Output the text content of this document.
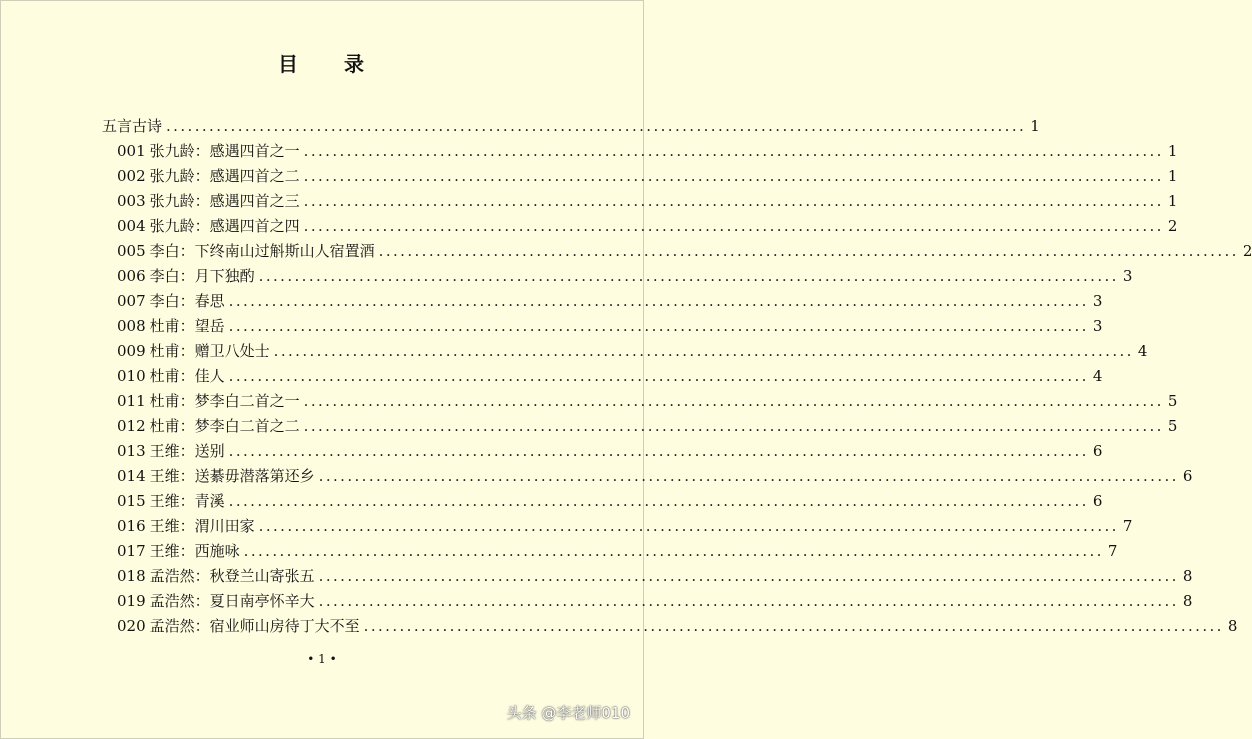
目　　录
五言古诗 ........................................................................................................................ 1
001 张九龄：感遇四首之一 ........................................................................................................................ 1
002 张九龄：感遇四首之二 ........................................................................................................................ 1
003 张九龄：感遇四首之三 ........................................................................................................................ 1
004 张九龄：感遇四首之四 ........................................................................................................................ 2
005 李白：下终南山过斛斯山人宿置酒 ........................................................................................................................ 2
006 李白：月下独酌 ........................................................................................................................ 3
007 李白：春思 ........................................................................................................................ 3
008 杜甫：望岳 ........................................................................................................................ 3
009 杜甫：赠卫八处士 ........................................................................................................................ 4
010 杜甫：佳人 ........................................................................................................................ 4
011 杜甫：梦李白二首之一 ........................................................................................................................ 5
012 杜甫：梦李白二首之二 ........................................................................................................................ 5
013 王维：送别 ........................................................................................................................ 6
014 王维：送綦毋潜落第还乡 ........................................................................................................................ 6
015 王维：青溪 ........................................................................................................................ 6
016 王维：渭川田家 ........................................................................................................................ 7
017 王维：西施咏 ........................................................................................................................ 7
018 孟浩然：秋登兰山寄张五 ........................................................................................................................ 8
019 孟浩然：夏日南亭怀辛大 ........................................................................................................................ 8
020 孟浩然：宿业师山房待丁大不至 ........................................................................................................................ 8
• 1 •
头条 @李老师010
